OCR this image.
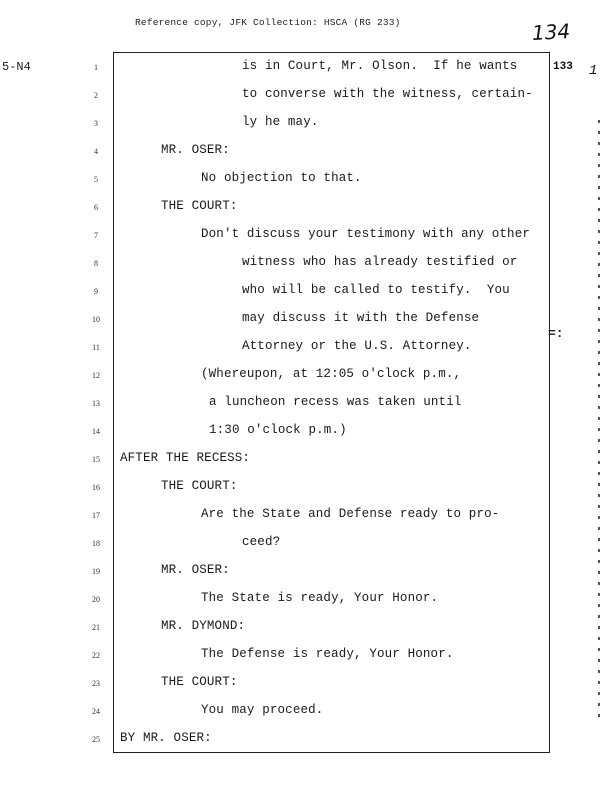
Reference copy, JFK Collection: HSCA (RG 233)	134
5-N4	133 1
=:
1
2
3
4
5
6
7
8
9
10
11
12
13
14
15
16
17
18
19
20
21
22
23
24
25
is in Court, Mr. Olson.  If he wants
to converse with the witness, certain-
ly he may.
MR. OSER:
No objection to that.
THE COURT:
Don't discuss your testimony with any other
witness who has already testified or
who will be called to testify.  You
may discuss it with the Defense
Attorney or the U.S. Attorney.
(Whereupon, at 12:05 o'clock p.m.,
a luncheon recess was taken until
1:30 o'clock p.m.)
AFTER THE RECESS:
THE COURT:
Are the State and Defense ready to pro-
ceed?
MR. OSER:
The State is ready, Your Honor.
MR. DYMOND:
The Defense is ready, Your Honor.
THE COURT:
You may proceed.
BY MR. OSER:
